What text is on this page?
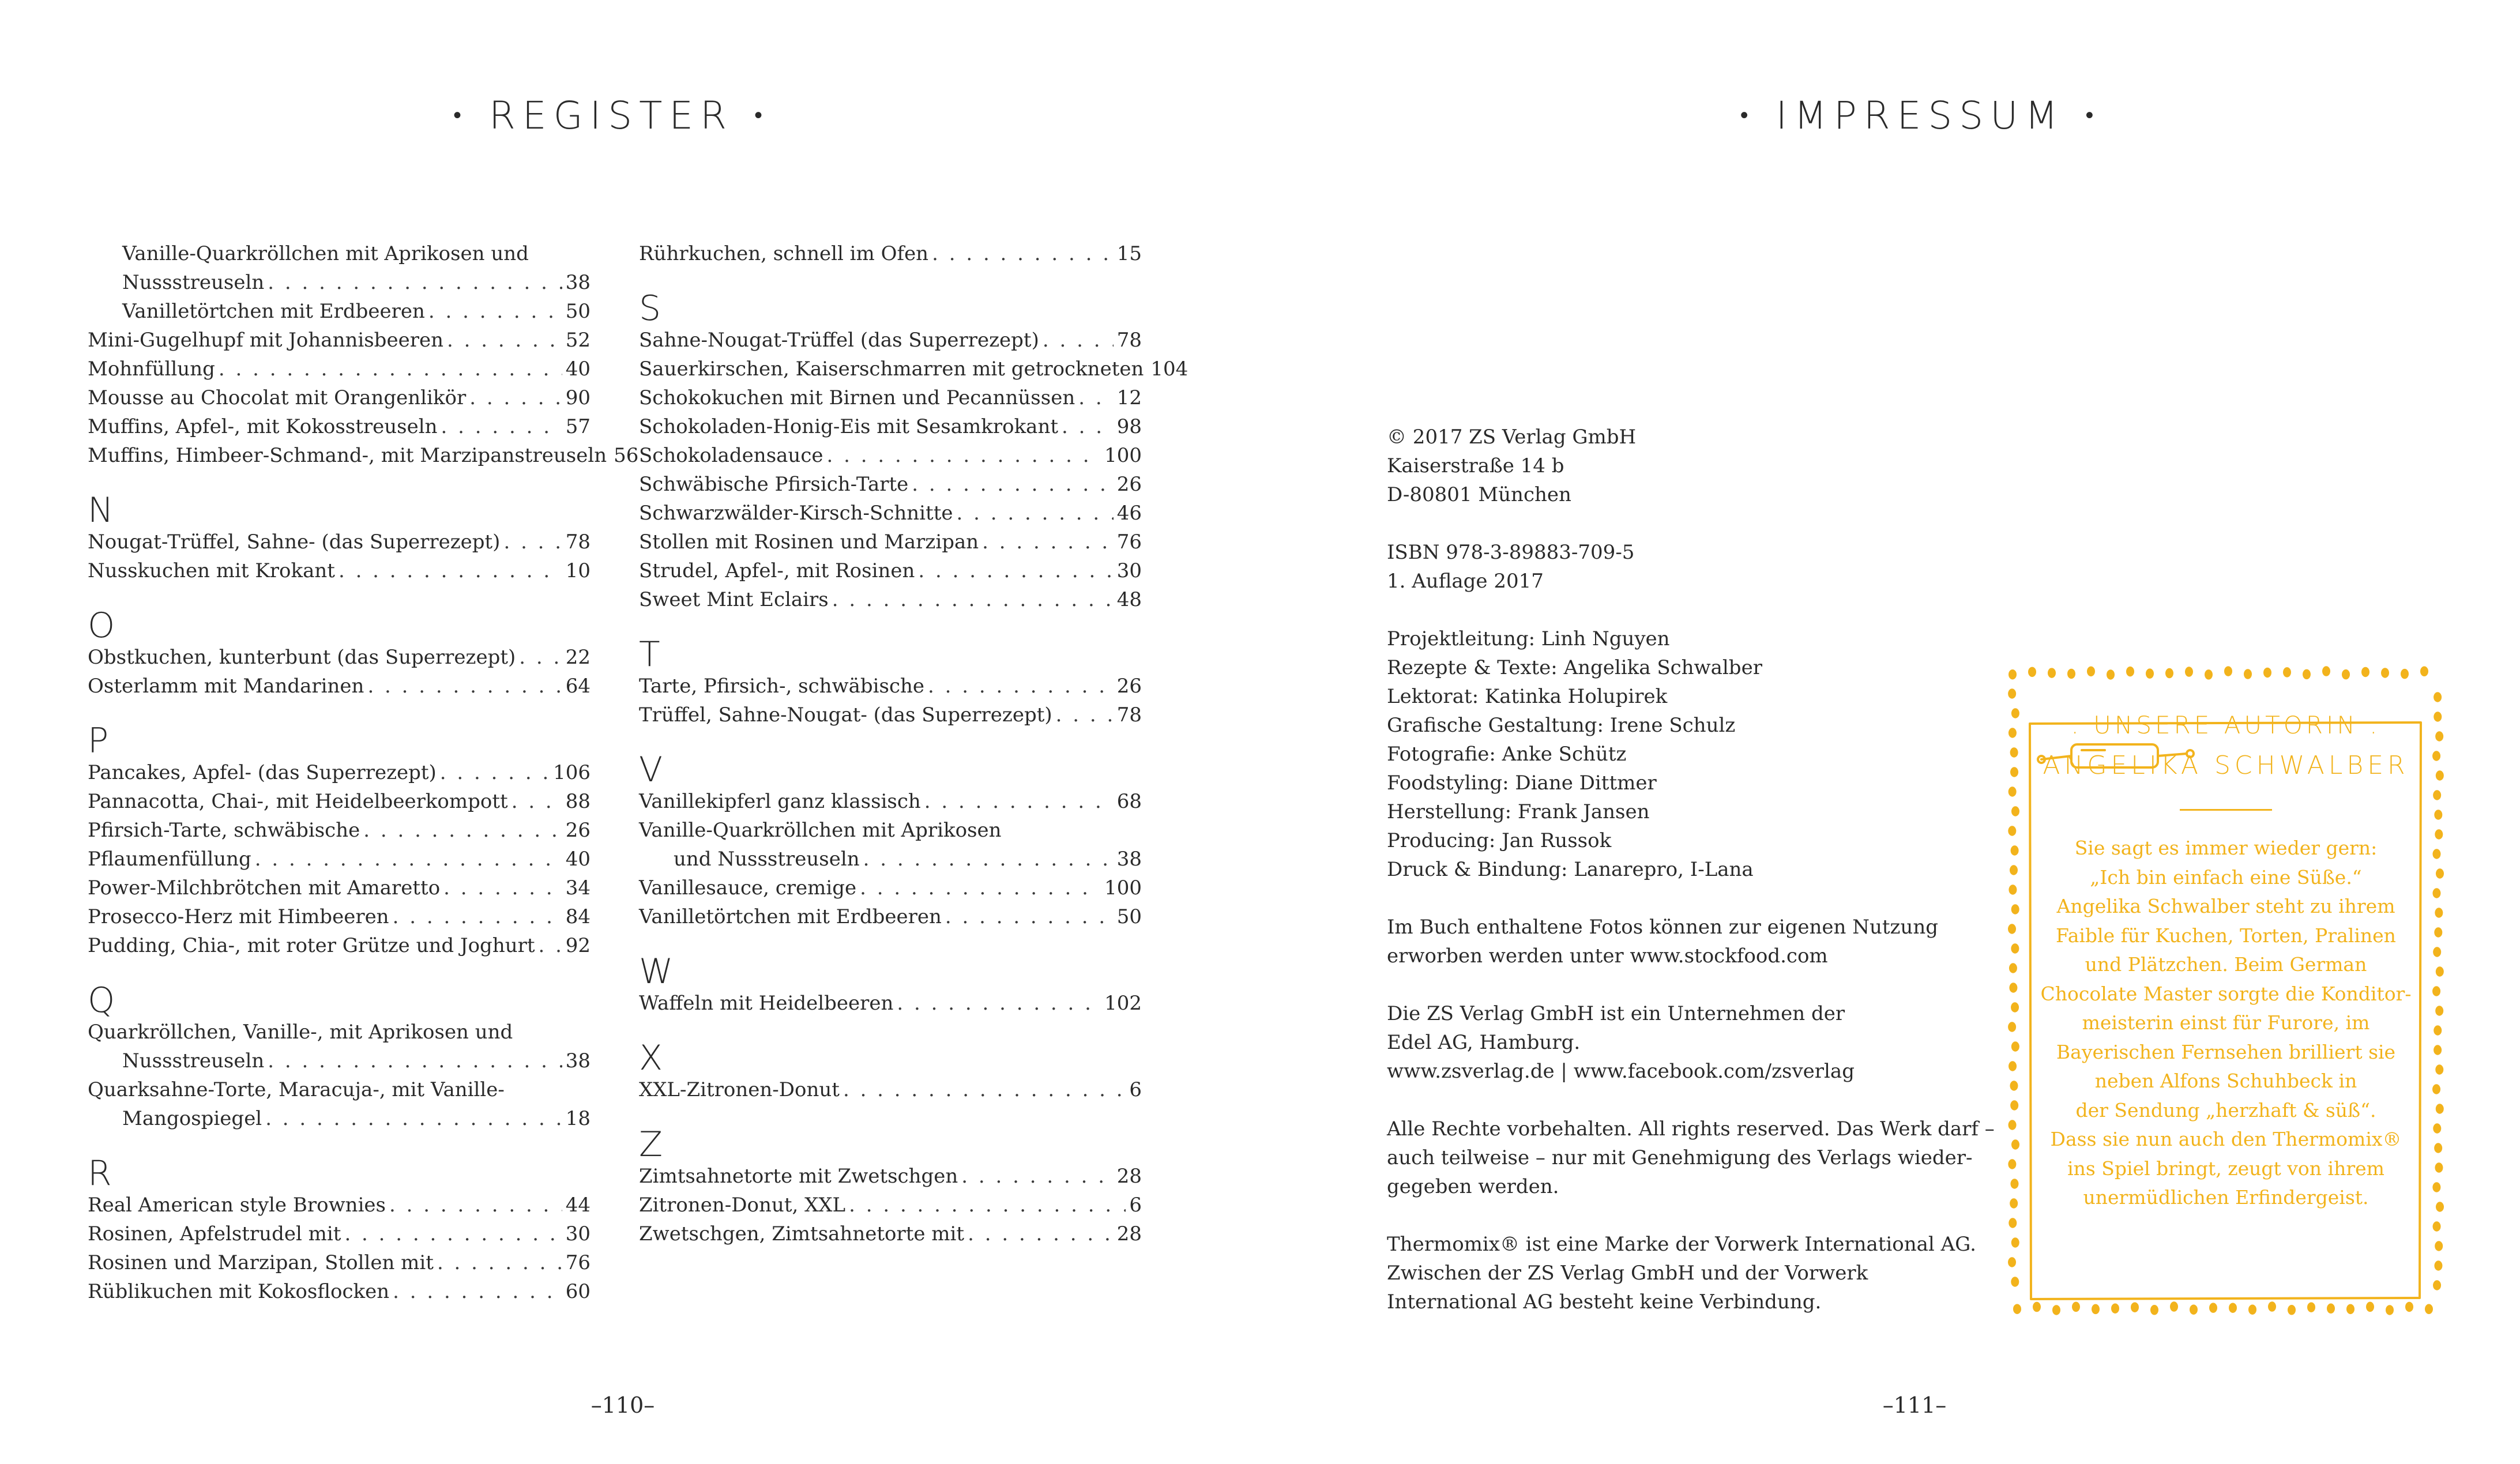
• REGISTER •
Vanille-Quarkröllchen mit Aprikosen und
Nussstreuseln . . .	38
Vanilletörtchen mit Erdbeeren . . .	50
Mini-Gugelhupf mit Johannisbeeren . . .	52
Mohnfüllung . . .	40
Mousse au Chocolat mit Orangenlikör . . .	90
Muffins, Apfel-, mit Kokosstreuseln . . .	57
Muffins, Himbeer-Schmand-, mit Marzipanstreuseln 56
N
Nougat-Trüffel, Sahne- (das Superrezept) . . .	78
Nusskuchen mit Krokant . . .	10
O
Obstkuchen, kunterbunt (das Superrezept) . . .	22
Osterlamm mit Mandarinen . . .	64
P
Pancakes, Apfel- (das Superrezept) . . .	106
Pannacotta, Chai-, mit Heidelbeerkompott . . .	88
Pfirsich-Tarte, schwäbische . . .	26
Pflaumenfüllung . . .	40
Power-Milchbrötchen mit Amaretto . . .	34
Prosecco-Herz mit Himbeeren . . .	84
Pudding, Chia-, mit roter Grütze und Joghurt . . . 92
Q
Quarkröllchen, Vanille-, mit Aprikosen und
Nussstreuseln . . .	38
Quarksahne-Torte, Maracuja-, mit Vanille-
Mangospiegel . . .	18
R
Real American style Brownies . . .	44
Rosinen, Apfelstrudel mit . . .	30
Rosinen und Marzipan, Stollen mit . . .	76
Rüblikuchen mit Kokosflocken . . .	60
Rührkuchen, schnell im Ofen . . .	15
S
Sahne-Nougat-Trüffel (das Superrezept) . . .	78
Sauerkirschen, Kaiserschmarren mit getrockneten 104
Schokokuchen mit Birnen und Pecannüssen . . . 12
Schokoladen-Honig-Eis mit Sesamkrokant . . .	98
Schokoladensauce . . .	100
Schwäbische Pfirsich-Tarte . . .	26
Schwarzwälder-Kirsch-Schnitte . . .	46
Stollen mit Rosinen und Marzipan . . .	76
Strudel, Apfel-, mit Rosinen . . .	30
Sweet Mint Eclairs . . .	48
T
Tarte, Pfirsich-, schwäbische . . .	26
Trüffel, Sahne-Nougat- (das Superrezept) . . .	78
V
Vanillekipferl ganz klassisch . . .	68
Vanille-Quarkröllchen mit Aprikosen
und Nussstreuseln . . .	38
Vanillesauce, cremige . . .	100
Vanilletörtchen mit Erdbeeren . . .	50
W
Waffeln mit Heidelbeeren . . .	102
X
XXL-Zitronen-Donut . . .	6
Z
Zimtsahnetorte mit Zwetschgen . . .	28
Zitronen-Donut, XXL . . .	6
Zwetschgen, Zimtsahnetorte mit . . .	28
–110–
• IMPRESSUM •
© 2017 ZS Verlag GmbH
Kaiserstraße 14 b
D-80801 München
ISBN 978-3-89883-709-5
1. Auflage 2017
Projektleitung: Linh Nguyen
Rezepte & Texte: Angelika Schwalber
Lektorat: Katinka Holupirek
Grafische Gestaltung: Irene Schulz
Fotografie: Anke Schütz
Foodstyling: Diane Dittmer
Herstellung: Frank Jansen
Producing: Jan Russok
Druck & Bindung: Lanarepro, I-Lana
Im Buch enthaltene Fotos können zur eigenen Nutzung
erworben werden unter www.stockfood.com
Die ZS Verlag GmbH ist ein Unternehmen der
Edel AG, Hamburg.
www.zsverlag.de | www.facebook.com/zsverlag
Alle Rechte vorbehalten. All rights reserved. Das Werk darf –
auch teilweise – nur mit Genehmigung des Verlags wieder-
gegeben werden.
Thermomix® ist eine Marke der Vorwerk International AG.
Zwischen der ZS Verlag GmbH und der Vorwerk
International AG besteht keine Verbindung.
. UNSERE AUTORIN .
ANGELIKA SCHWALBER
Sie sagt es immer wieder gern:
„Ich bin einfach eine Süße.“
Angelika Schwalber steht zu ihrem
Faible für Kuchen, Torten, Pralinen
und Plätzchen. Beim German
Chocolate Master sorgte die Konditor-
meisterin einst für Furore, im
Bayerischen Fernsehen brilliert sie
neben Alfons Schuhbeck in
der Sendung „herzhaft & süß“.
Dass sie nun auch den Thermomix®
ins Spiel bringt, zeugt von ihrem
unermüdlichen Erfindergeist.
–111–
